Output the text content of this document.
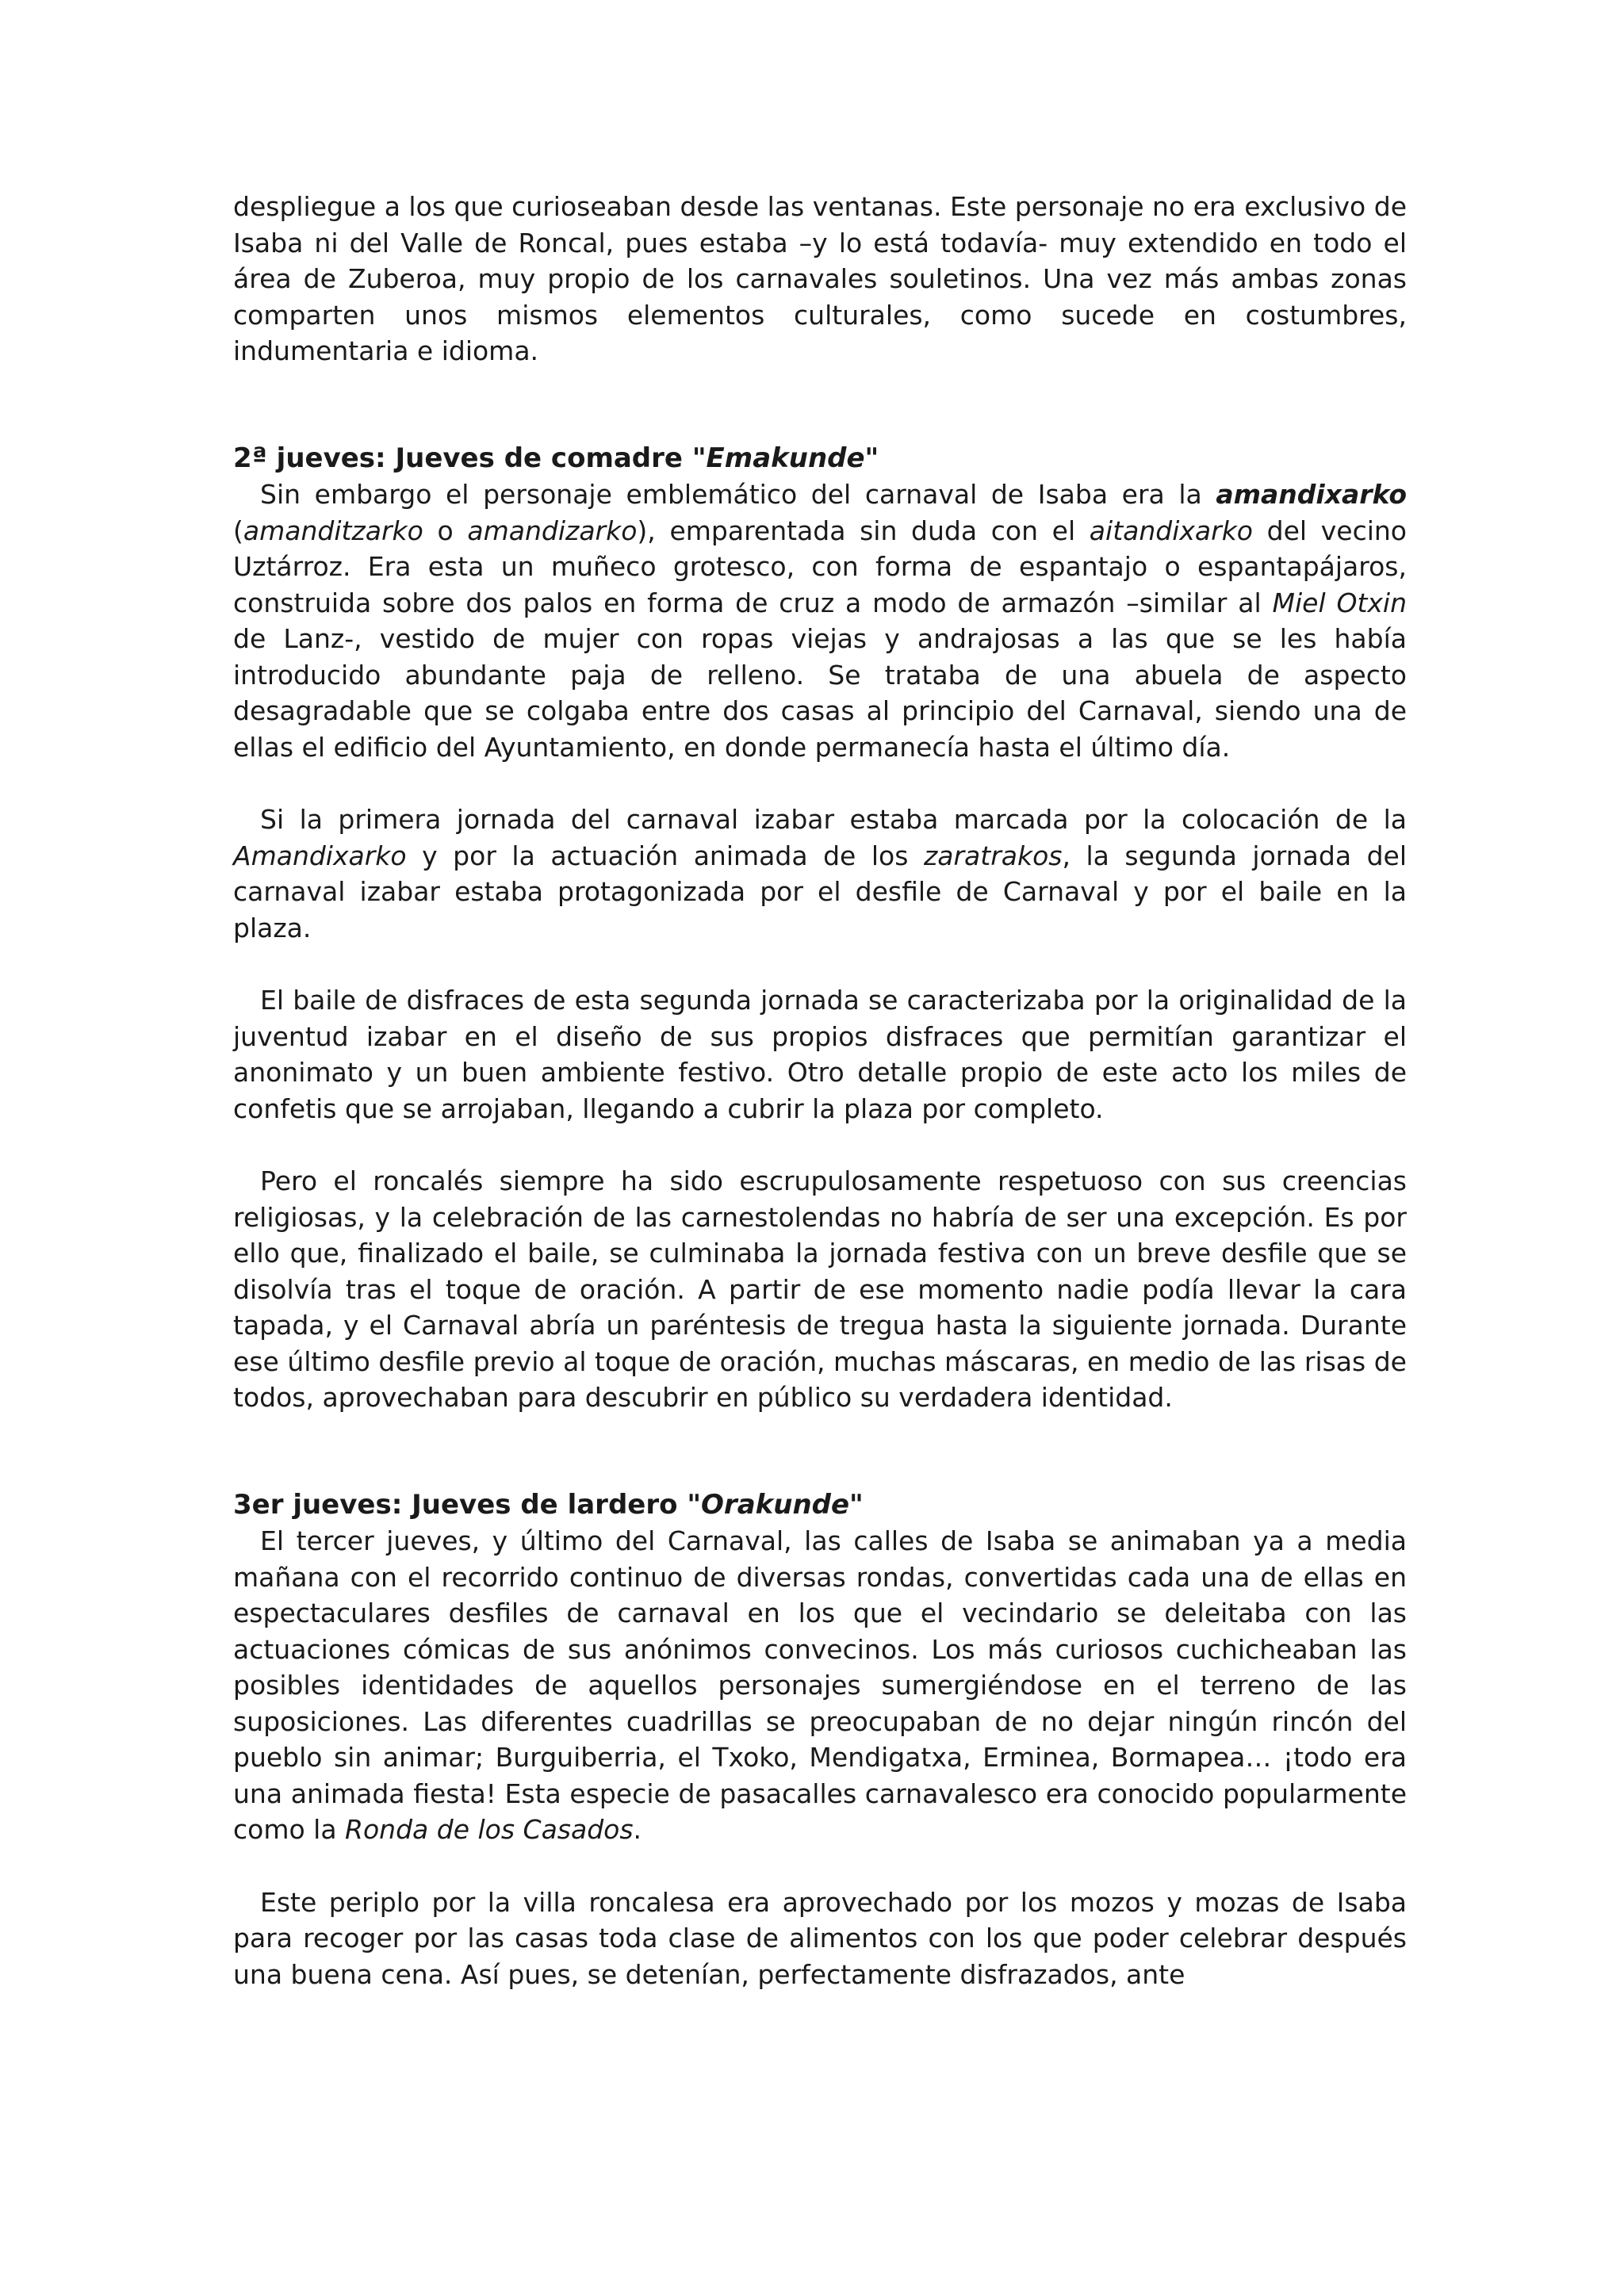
despliegue a los que curioseaban desde las ventanas. Este personaje no era exclusivo de Isaba ni del Valle de Roncal, pues estaba –y lo está todavía- muy extendido en todo el área de Zuberoa, muy propio de los carnavales souletinos. Una vez más ambas zonas comparten unos mismos elementos culturales, como sucede en costumbres, indumentaria e idioma.

2ª jueves: Jueves de comadre "Emakunde"

Sin embargo el personaje emblemático del carnaval de Isaba era la amandixarko (amanditzarko o amandizarko), emparentada sin duda con el aitandixarko del vecino Uztárroz. Era esta un muñeco grotesco, con forma de espantajo o espantapájaros, construida sobre dos palos en forma de cruz a modo de armazón –similar al Miel Otxin de Lanz-, vestido de mujer con ropas viejas y andrajosas a las que se les había introducido abundante paja de relleno. Se trataba de una abuela de aspecto desagradable que se colgaba entre dos casas al principio del Carnaval, siendo una de ellas el edificio del Ayuntamiento, en donde permanecía hasta el último día.

Si la primera jornada del carnaval izabar estaba marcada por la colocación de la Amandixarko y por la actuación animada de los zaratrakos, la segunda jornada del carnaval izabar estaba protagonizada por el desfile de Carnaval y por el baile en la plaza.

El baile de disfraces de esta segunda jornada se caracterizaba por la originalidad de la juventud izabar en el diseño de sus propios disfraces que permitían garantizar el anonimato y un buen ambiente festivo. Otro detalle propio de este acto los miles de confetis que se arrojaban, llegando a cubrir la plaza por completo.

Pero el roncalés siempre ha sido escrupulosamente respetuoso con sus creencias religiosas, y la celebración de las carnestolendas no habría de ser una excepción. Es por ello que, finalizado el baile, se culminaba la jornada festiva con un breve desfile que se disolvía tras el toque de oración. A partir de ese momento nadie podía llevar la cara tapada, y el Carnaval abría un paréntesis de tregua hasta la siguiente jornada. Durante ese último desfile previo al toque de oración, muchas máscaras, en medio de las risas de todos, aprovechaban para descubrir en público su verdadera identidad.

3er jueves: Jueves de lardero "Orakunde"

El tercer jueves, y último del Carnaval, las calles de Isaba se animaban ya a media mañana con el recorrido continuo de diversas rondas, convertidas cada una de ellas en espectaculares desfiles de carnaval en los que el vecindario se deleitaba con las actuaciones cómicas de sus anónimos convecinos. Los más curiosos cuchicheaban las posibles identidades de aquellos personajes sumergiéndose en el terreno de las suposiciones. Las diferentes cuadrillas se preocupaban de no dejar ningún rincón del pueblo sin animar; Burguiberria, el Txoko, Mendigatxa, Erminea, Bormapea… ¡todo era una animada fiesta! Esta especie de pasacalles carnavalesco era conocido popularmente como la Ronda de los Casados.

Este periplo por la villa roncalesa era aprovechado por los mozos y mozas de Isaba para recoger por las casas toda clase de alimentos con los que poder celebrar después una buena cena. Así pues, se detenían, perfectamente disfrazados, ante
